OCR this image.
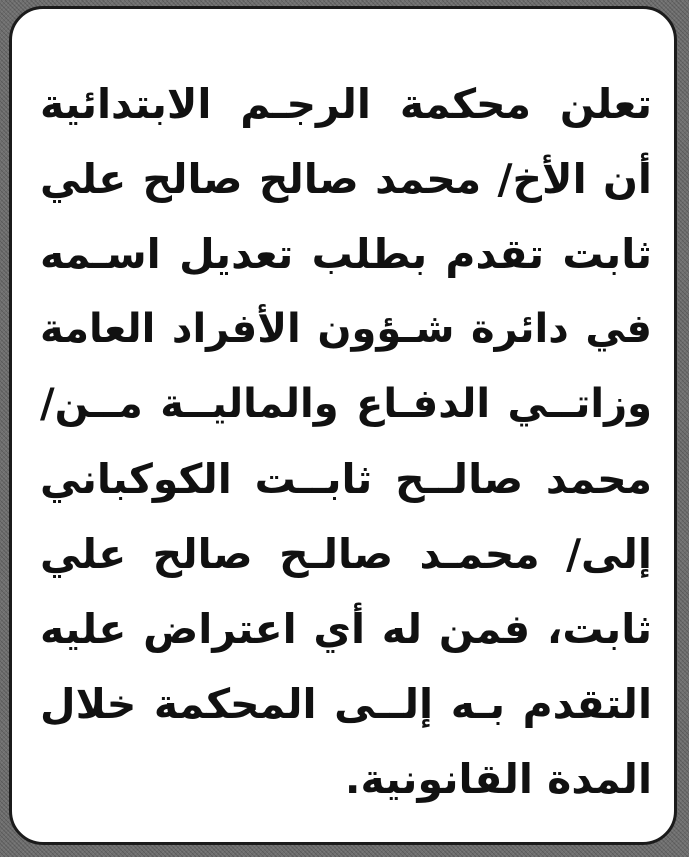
تعلن محكمة الرجـم الابتدائية
أن الأخ/ محمد صالح صالح علي
ثابت تقدم بطلب تعديل اسـمه
في دائرة شـؤون الأفراد العامة
وزاتــي الدفـاع والماليــة مــن/
محمد صالــح ثابــت الكوكباني
إلى/ محمـد صالـح صالح علي
ثابت، فمن له أي اعتراض عليه
التقدم بـه إلــى المحكمة خلال
المدة القانونية.
